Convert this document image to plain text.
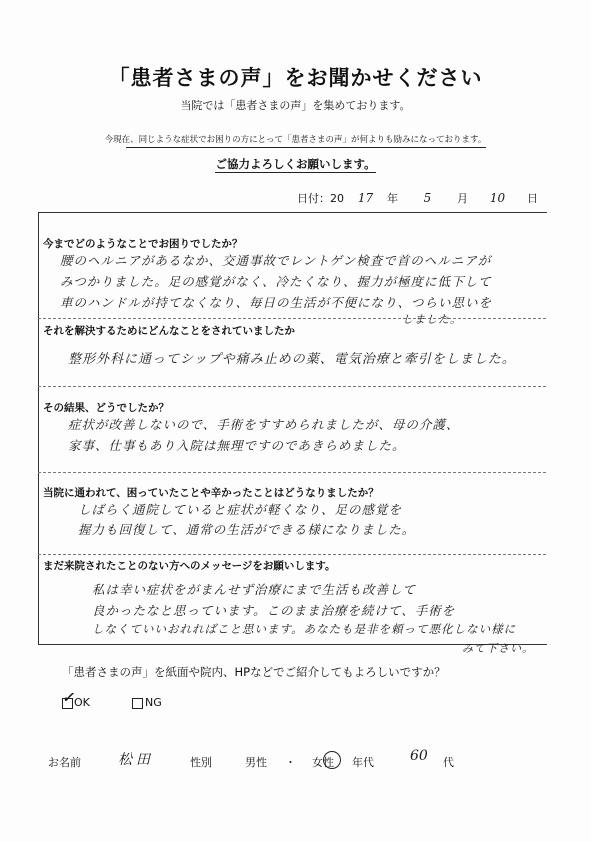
「患者さまの声」をお聞かせください
当院では「患者さまの声」を集めております。
今現在、同じような症状でお困りの方にとって「患者さまの声」が何よりも励みになっております。
ご協力よろしくお願いします。
日付：20 17 年 5 月 10 日
今までどのようなことでお困りでしたか？
腰のヘルニアがあるなか、交通事故でレントゲン検査で首のヘルニアが
みつかりました。足の感覚がなく、冷たくなり、握力が極度に低下して
車のハンドルが持てなくなり、毎日の生活が不便になり、つらい思いを
しました。
それを解決するためにどんなことをされていましたか
整形外科に通ってシップや痛み止めの薬、電気治療と牽引をしました。
その結果、どうでしたか？
症状が改善しないので、手術をすすめられましたが、母の介護、
家事、仕事もあり入院は無理ですのであきらめました。
当院に通われて、困っていたことや辛かったことはどうなりましたか？
しばらく通院していると症状が軽くなり、足の感覚を
握力も回復して、通常の生活ができる様になりました。
まだ来院されたことのない方へのメッセージをお願いします。
私は幸い症状をがまんせず治療にまで生活も改善して
良かったなと思っています。このまま治療を続けて、手術を
しなくていいおれればこと思います。あなたも是非を頼って悪化しない様に
みて下さい。
「患者さまの声」を紙面や院内、HPなどでご紹介してもよろしいですか？
✓ OK	NG
お名前	松田	性別	男性 ・ 女性 年代	60 代
